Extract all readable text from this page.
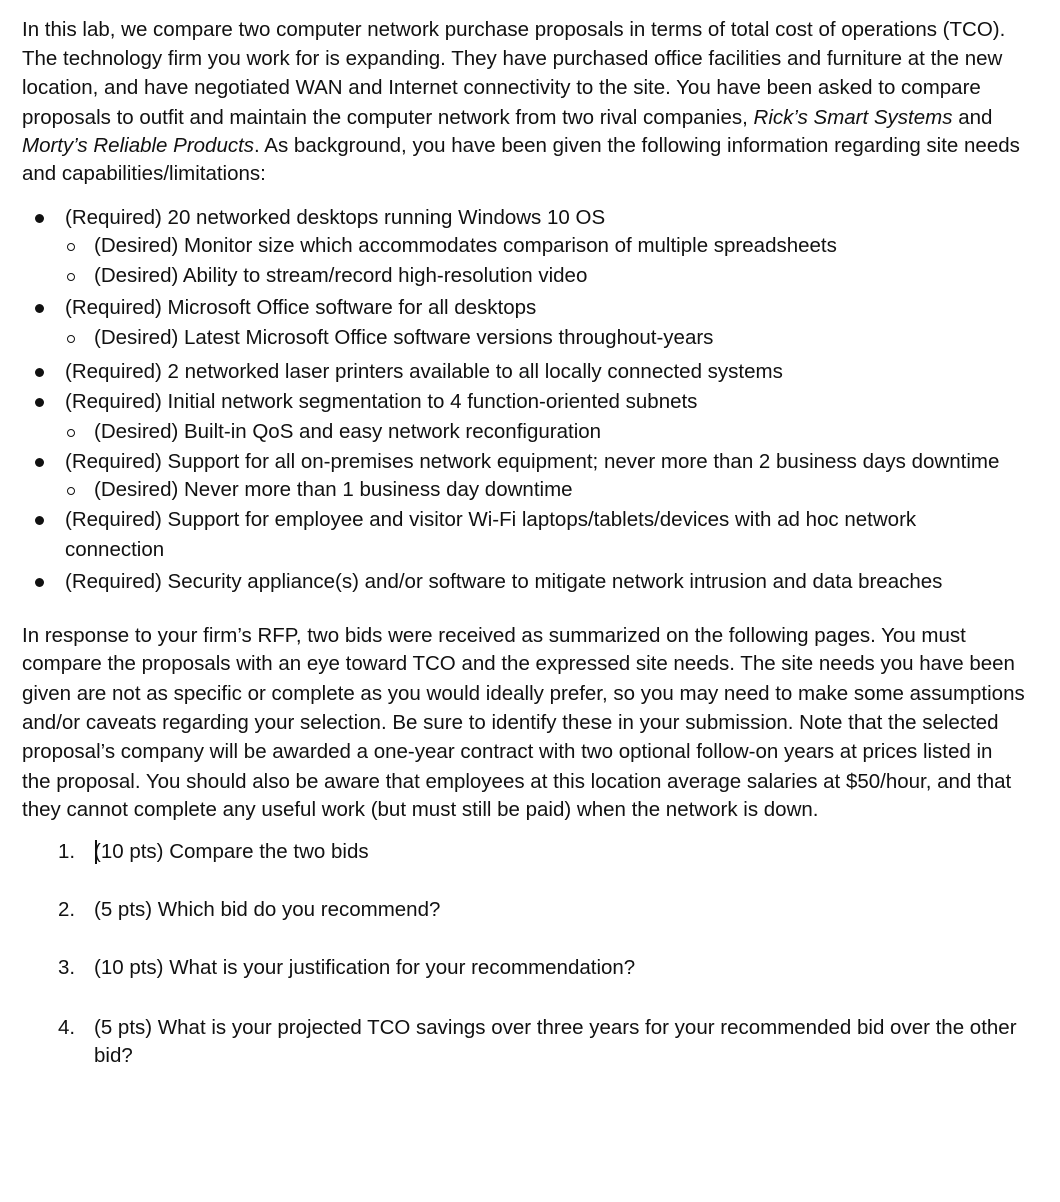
In this lab, we compare two computer network purchase proposals in terms of total cost of operations (TCO).
The technology firm you work for is expanding. They have purchased office facilities and furniture at the new
location, and have negotiated WAN and Internet connectivity to the site. You have been asked to compare
proposals to outfit and maintain the computer network from two rival companies, Rick’s Smart Systems and
Morty’s Reliable Products. As background, you have been given the following information regarding site needs
and capabilities/limitations:
(Required) 20 networked desktops running Windows 10 OS
(Desired) Monitor size which accommodates comparison of multiple spreadsheets
(Desired) Ability to stream/record high-resolution video
(Required) Microsoft Office software for all desktops
(Desired) Latest Microsoft Office software versions throughout-years
(Required) 2 networked laser printers available to all locally connected systems
(Required) Initial network segmentation to 4 function-oriented subnets
(Desired) Built-in QoS and easy network reconfiguration
(Required) Support for all on-premises network equipment; never more than 2 business days downtime
(Desired) Never more than 1 business day downtime
(Required) Support for employee and visitor Wi-Fi laptops/tablets/devices with ad hoc network
connection
(Required) Security appliance(s) and/or software to mitigate network intrusion and data breaches
In response to your firm’s RFP, two bids were received as summarized on the following pages. You must
compare the proposals with an eye toward TCO and the expressed site needs. The site needs you have been
given are not as specific or complete as you would ideally prefer, so you may need to make some assumptions
and/or caveats regarding your selection. Be sure to identify these in your submission. Note that the selected
proposal’s company will be awarded a one-year contract with two optional follow-on years at prices listed in
the proposal. You should also be aware that employees at this location average salaries at $50/hour, and that
they cannot complete any useful work (but must still be paid) when the network is down.
1. (10 pts) Compare the two bids
2. (5 pts) Which bid do you recommend?
3. (10 pts) What is your justification for your recommendation?
4. (5 pts) What is your projected TCO savings over three years for your recommended bid over the other
bid?
